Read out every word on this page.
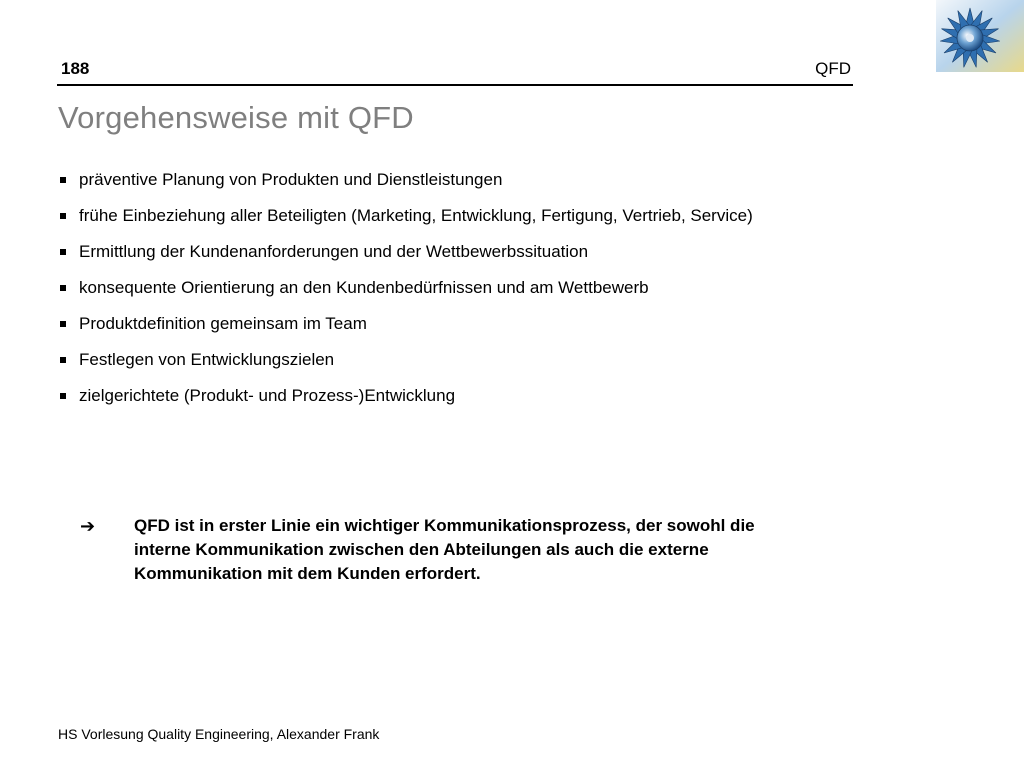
188	QFD
Vorgehensweise mit QFD
präventive Planung von Produkten und Dienstleistungen
frühe Einbeziehung aller Beteiligten (Marketing, Entwicklung, Fertigung, Vertrieb, Service)
Ermittlung der Kundenanforderungen und der Wettbewerbssituation
konsequente Orientierung an den Kundenbedürfnissen und am Wettbewerb
Produktdefinition gemeinsam im Team
Festlegen von Entwicklungszielen
zielgerichtete (Produkt- und Prozess-)Entwicklung
➔ QFD ist in erster Linie ein wichtiger Kommunikationsprozess, der sowohl die interne Kommunikation zwischen den Abteilungen als auch die externe Kommunikation mit dem Kunden erfordert.
HS Vorlesung Quality Engineering, Alexander Frank
